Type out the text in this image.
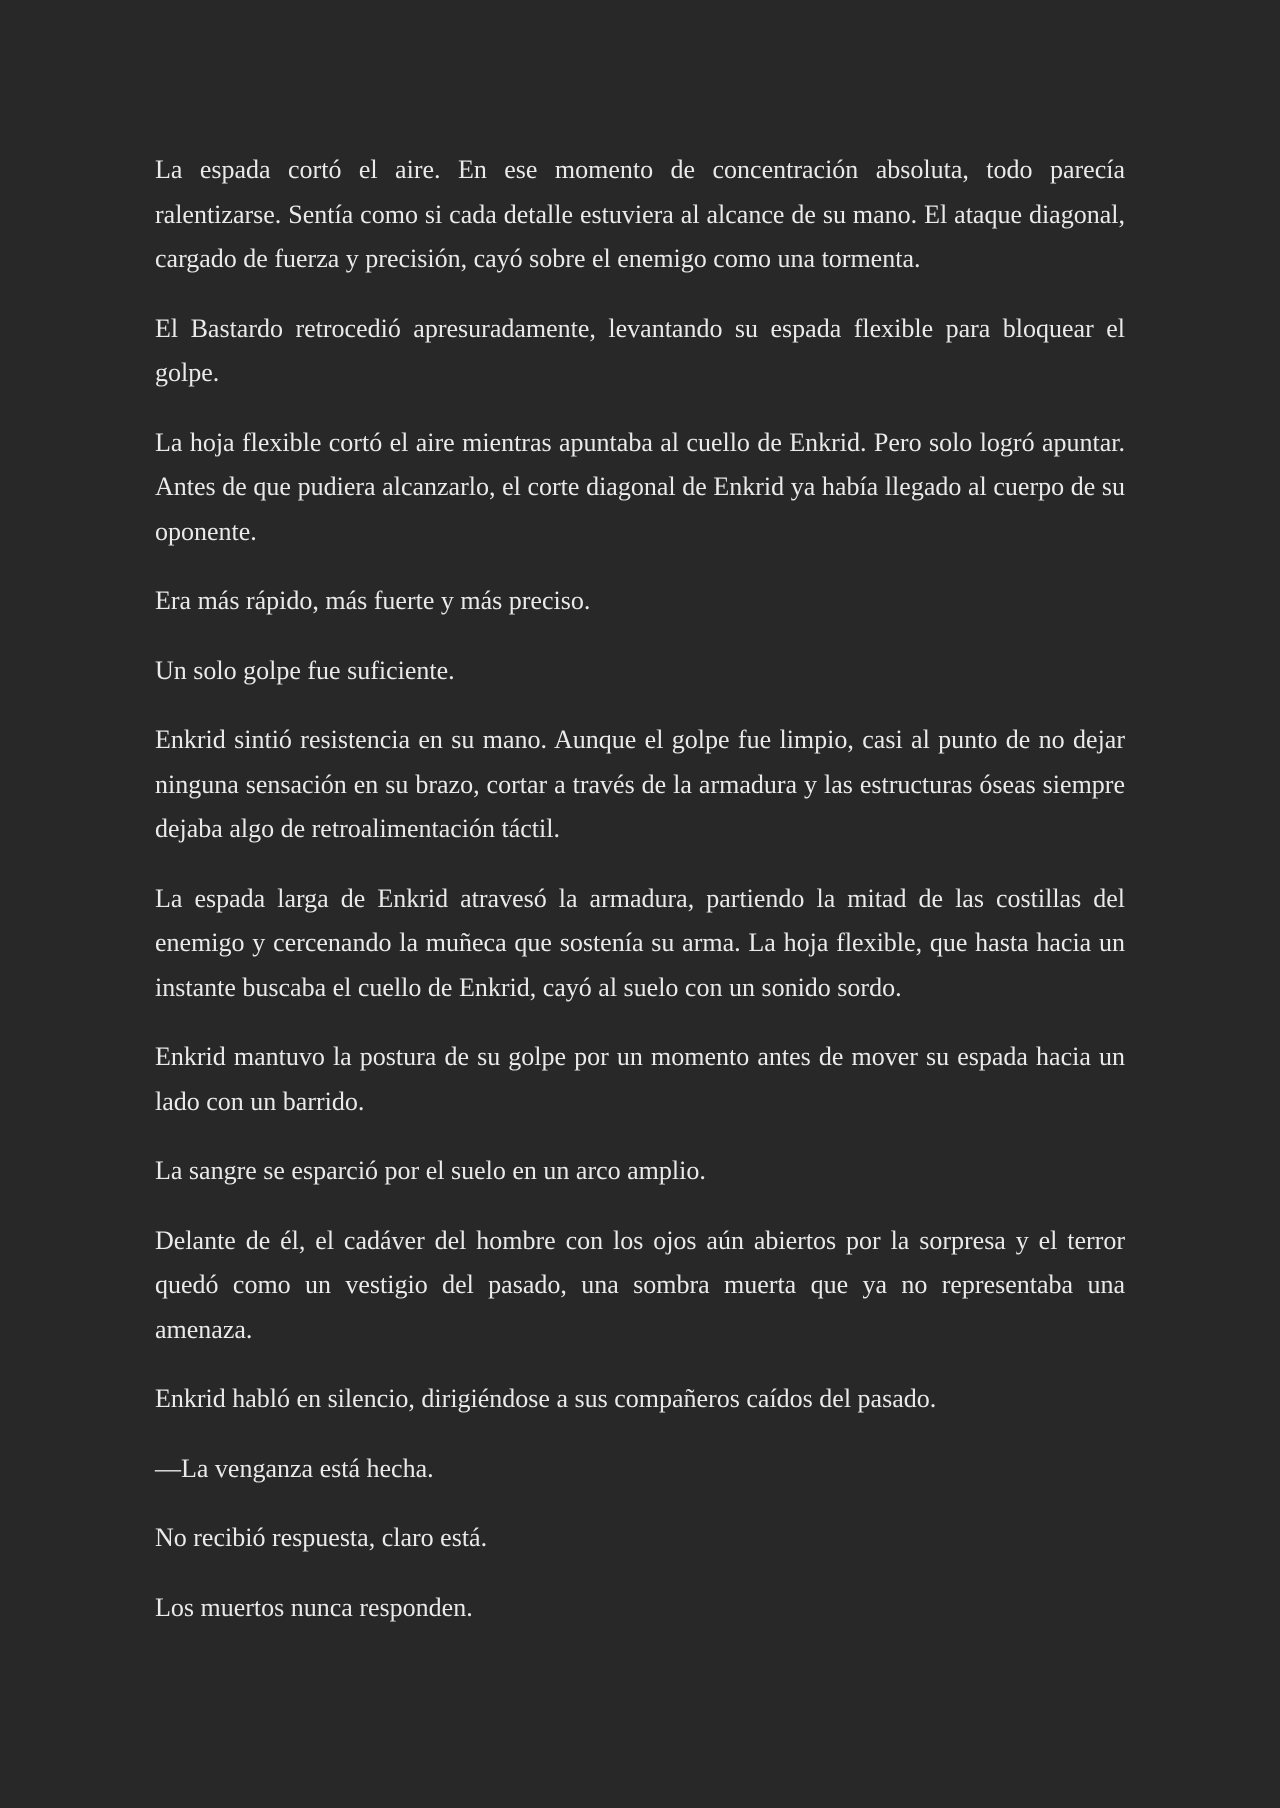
La espada cortó el aire. En ese momento de concentración absoluta, todo parecía ralentizarse. Sentía como si cada detalle estuviera al alcance de su mano. El ataque diagonal, cargado de fuerza y precisión, cayó sobre el enemigo como una tormenta.

El Bastardo retrocedió apresuradamente, levantando su espada flexible para bloquear el golpe.

La hoja flexible cortó el aire mientras apuntaba al cuello de Enkrid. Pero solo logró apuntar. Antes de que pudiera alcanzarlo, el corte diagonal de Enkrid ya había llegado al cuerpo de su oponente.

Era más rápido, más fuerte y más preciso.

Un solo golpe fue suficiente.

Enkrid sintió resistencia en su mano. Aunque el golpe fue limpio, casi al punto de no dejar ninguna sensación en su brazo, cortar a través de la armadura y las estructuras óseas siempre dejaba algo de retroalimentación táctil.

La espada larga de Enkrid atravesó la armadura, partiendo la mitad de las costillas del enemigo y cercenando la muñeca que sostenía su arma. La hoja flexible, que hasta hacia un instante buscaba el cuello de Enkrid, cayó al suelo con un sonido sordo.

Enkrid mantuvo la postura de su golpe por un momento antes de mover su espada hacia un lado con un barrido.

La sangre se esparció por el suelo en un arco amplio.

Delante de él, el cadáver del hombre con los ojos aún abiertos por la sorpresa y el terror quedó como un vestigio del pasado, una sombra muerta que ya no representaba una amenaza.

Enkrid habló en silencio, dirigiéndose a sus compañeros caídos del pasado.

—La venganza está hecha.

No recibió respuesta, claro está.

Los muertos nunca responden.
